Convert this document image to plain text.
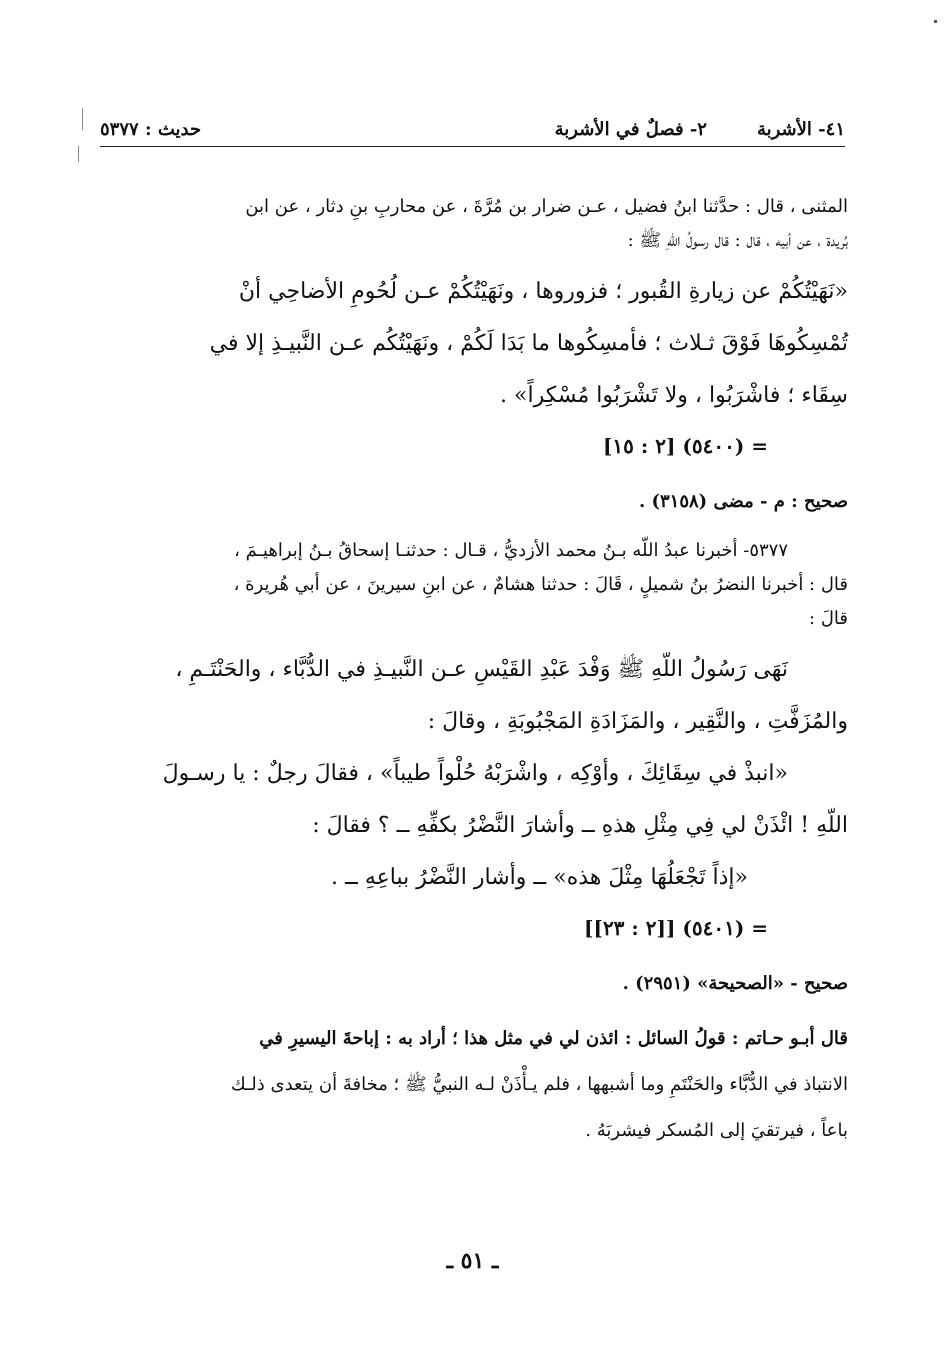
٤١- الأشربة
٢- فصلٌ في الأشربة
حديث : ٥٣٧٧

المثنى ، قال : حدَّثنا ابنُ فضيل ، عـن ضرار بن مُرَّةَ ، عن محاربِ بنِ دثار ، عن ابن

بُريدة ، عن أبيه ، قال : قال رسولُ اللّهِ ﷺ :

«نَهَيْتُكُمْ عن زيارةِ القُبور ؛ فزوروها ، ونَهَيْتُكُمْ عـن لُحُومِ الأضاحِي أنْ

تُمْسِكُوهَا فَوْقَ ثـلاث ؛ فأمسِكُوها ما بَدَا لَكُمْ ، ونَهَيْتُكُم عـن النَّبيـذِ إلا في

سِقَاء ؛ فاشْرَبُوا ، ولا تَشْرَبُوا مُسْكِراً» .

= (٥٤٠٠) [٢ : ١٥]

صحيح : م - مضى (٣١٥٨) .

٥٣٧٧- أخبرنا عبدُ اللّه بـنُ محمد الأزديُّ ، قـال : حدثنـا إسحاقُ بـنُ إبراهيـمَ ،

قال : أخبرنا النضرُ بنُ شميلٍ ، قَالَ : حدثنا هشامٌ ، عن ابنِ سيرينَ ، عن أبي هُريرة ،

قالَ :

نَهَى رَسُولُ اللّهِ ﷺ وَفْدَ عَبْدِ القَيْسِ عـن النَّبيـذِ في الدُّبَّاء ، والحَنْتَـمِ ،

والمُزَفَّتِ ، والنَّقِير ، والمَزَادَةِ المَجْبُوبَةِ ، وقالَ :

«انبذْ في سِقَائِكَ ، وأوْكِه ، واشْرَبْهُ حُلْواً طيباً» ، فقالَ رجلٌ : يا رسـولَ

اللّهِ ! ائْذَنْ لي فِي مِثْلِ هذهِ ــ وأشارَ النَّضْرُ بكفِّهِ ــ ؟ فقالَ :

«إذاً تَجْعَلُهَا مِثْلَ هذه» ــ وأشار النَّضْرُ بباعِهِ ــ .

= (٥٤٠١) [[٢ : ٢٣]]

صحيح - «الصحيحة» (٢٩٥١) .

قال أبـو حـاتم : قولُ السائل : ائذن لي في مثل هذا ؛ أراد به : إباحةَ اليسيرِ في

الانتباذ في الدُّبَّاء والحَنْتَمِ وما أشبهها ، فلم يـأْذَنْ لـه النبيُّ ﷺ ؛ مخافةَ أن يتعدى ذلـك

باعاً ، فيرتقيَ إلى المُسكر فيشربَهُ .

ـ ٥١ ـ
